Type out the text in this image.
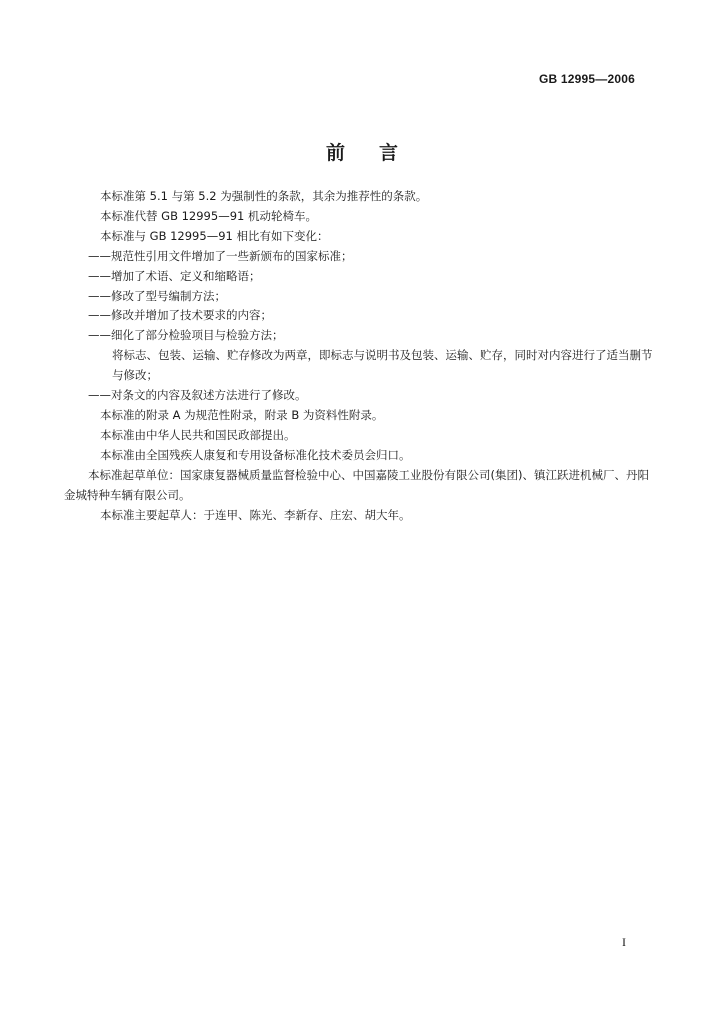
GB 12995—2006
前言

本标准第 5.1 与第 5.2 为强制性的条款，其余为推荐性的条款。

本标准代替 GB 12995—91 机动轮椅车。

本标准与 GB 12995—91 相比有如下变化：

——规范性引用文件增加了一些新颁布的国家标准；

——增加了术语、定义和缩略语；

——修改了型号编制方法；

——修改并增加了技术要求的内容；

——细化了部分检验项目与检验方法；

将标志、包装、运输、贮存修改为两章，即标志与说明书及包装、运输、贮存，同时对内容进行了适当删节与修改；

——对条文的内容及叙述方法进行了修改。

本标准的附录 A 为规范性附录，附录 B 为资料性附录。

本标准由中华人民共和国民政部提出。

本标准由全国残疾人康复和专用设备标准化技术委员会归口。

本标准起草单位：国家康复器械质量监督检验中心、中国嘉陵工业股份有限公司(集团)、镇江跃进机械厂、丹阳金城特种车辆有限公司。

本标准主要起草人：于连甲、陈光、李新存、庄宏、胡大年。

I
